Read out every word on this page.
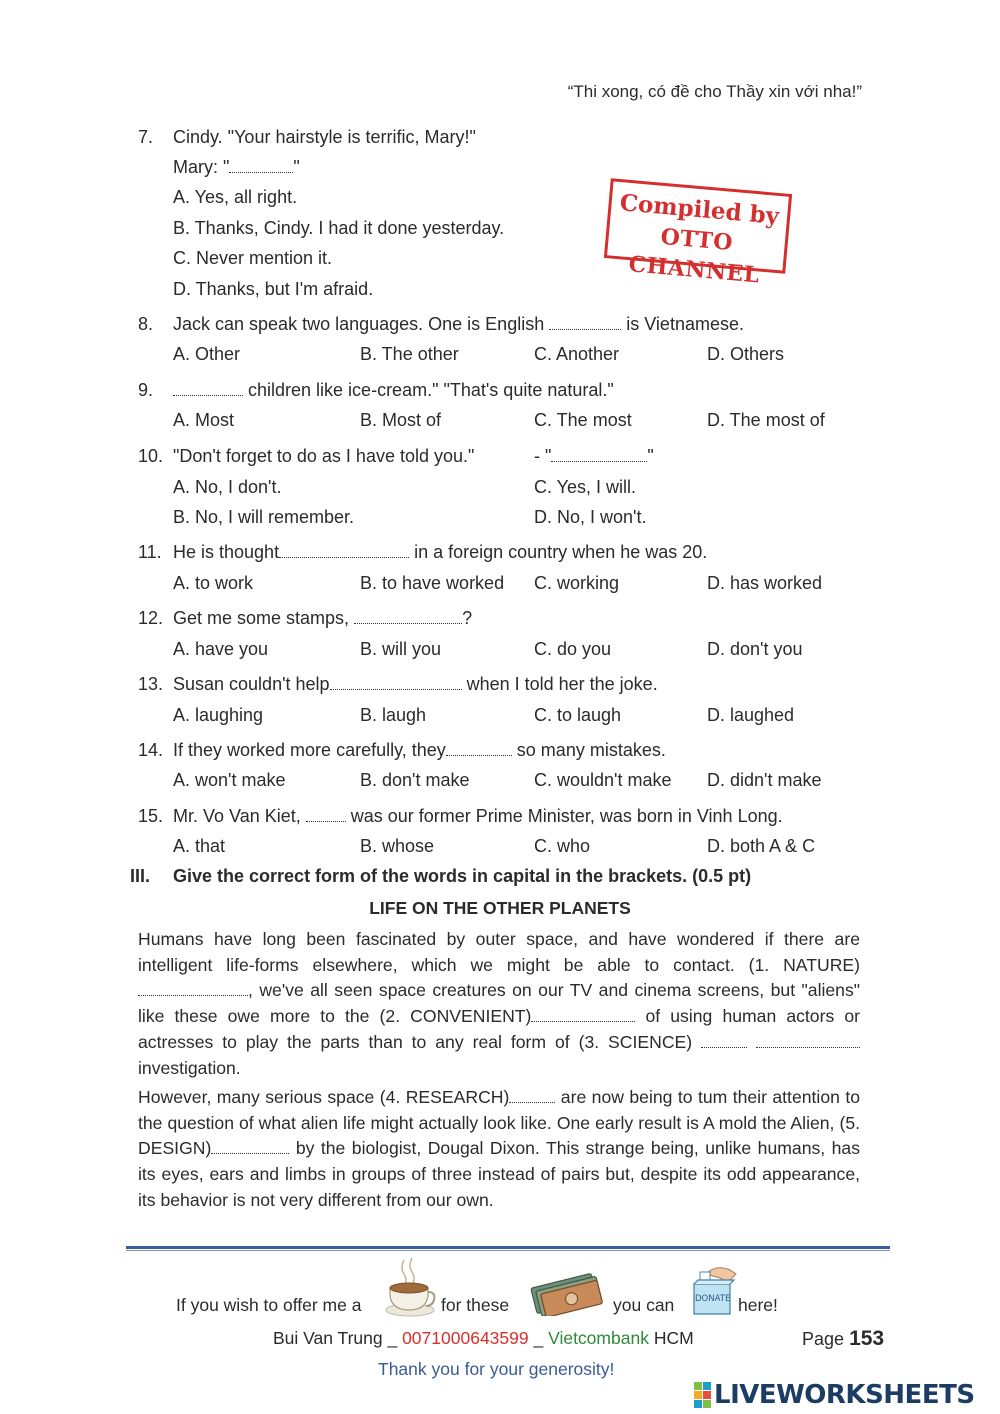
“Thi xong, có đề cho Thầy xin với nha!”
Compiled by
OTTO CHANNEL
7. Cindy. "Your hairstyle is terrific, Mary!"
Mary: "	"
A. Yes, all right.
B. Thanks, Cindy. I had it done yesterday.
C. Never mention it.
D. Thanks, but I'm afraid.
8. Jack can speak two languages. One is English	is Vietnamese.
A. Other	B. The other	C. Another	D. Others
9.	children like ice-cream." "That's quite natural."
A. Most	B. Most of	C. The most	D. The most of
10. "Don't forget to do as I have told you."	- "	"
A. No, I don't.	C. Yes, I will.
B. No, I will remember.	D. No, I won't.
11. He is thought	in a foreign country when he was 20.
A. to work	B. to have worked C. working	D. has worked
12. Get me some stamps,	?
A. have you	B. will you	C. do you	D. don't you
13. Susan couldn't help	when I told her the joke.
A. laughing	B. laugh	C. to laugh	D. laughed
14. If they worked more carefully, they	so many mistakes.
A. won't make	B. don't make	C. wouldn't make D. didn't make
15. Mr. Vo Van Kiet,	was our former Prime Minister, was born in Vinh Long.
A. that	B. whose	C. who	D. both A & C
III. Give the correct form of the words in capital in the brackets. (0.5 pt)
LIFE ON THE OTHER PLANETS
Humans have long been fascinated by outer space, and have wondered if there are intelligent life-forms elsewhere, which we might be able to contact. (1. NATURE) , we've all seen space creatures on our TV and cinema screens, but "aliens" like these owe more to the (2. CONVENIENT)	of using human actors or actresses to play the parts than to any real form of (3. SCIENCE)   investigation.
However, many serious space (4. RESEARCH)	are now being to tum their attention to the question of what alien life might actually look like. One early result is A mold the Alien, (5. DESIGN)	by the biologist, Dougal Dixon. This strange being, unlike humans, has its eyes, ears and limbs in groups of three instead of pairs but, despite its odd appearance, its behavior is not very different from our own.
If you wish to offer me a	for these	you can DONATE here!
Bui Van Trung _ 0071000643599 _ Vietcombank HCM	Page 153
Thank you for your generosity!
LIVEWORKSHEETS
